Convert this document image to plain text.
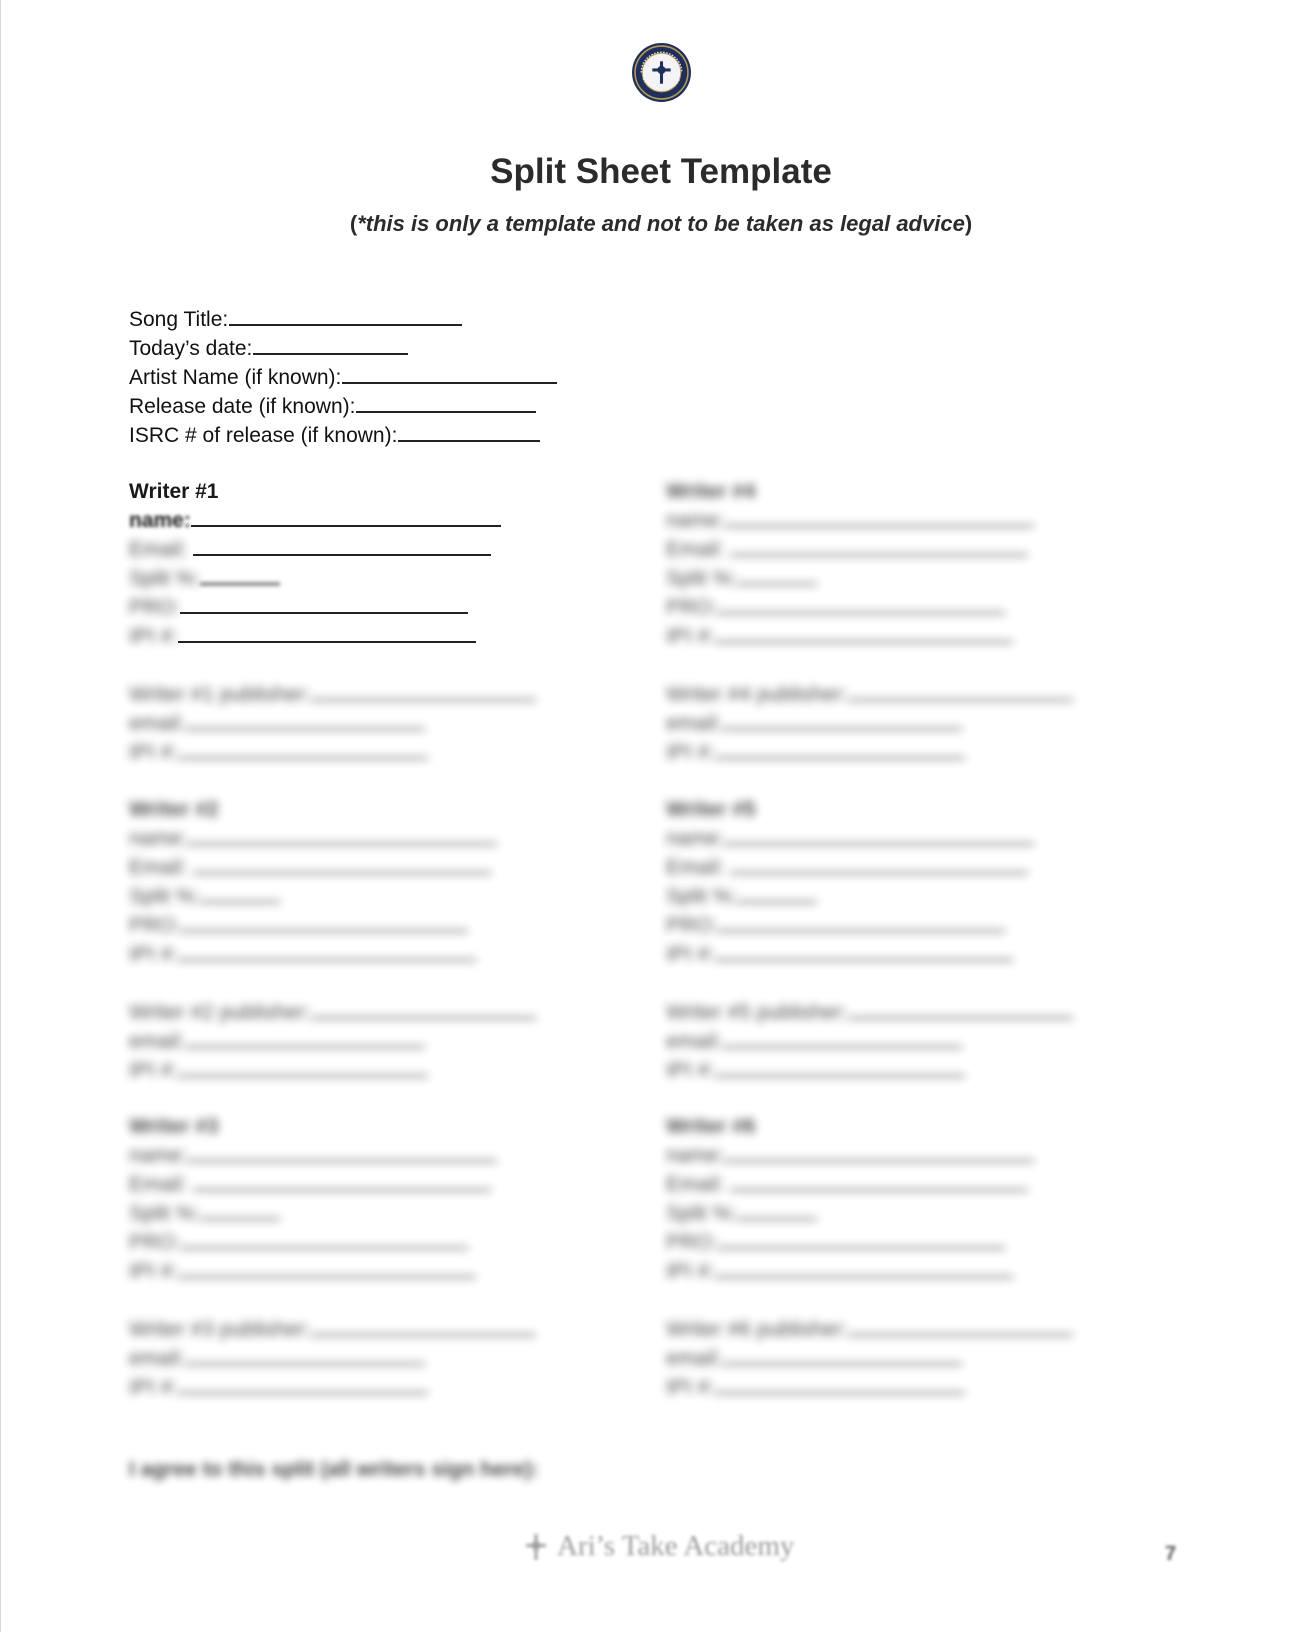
Split Sheet Template
(*this is only a template and not to be taken as legal advice)
Song Title:
Today’s date:
Artist Name (if known):
Release date (if known):
ISRC # of release (if known):
Writer #1
name:
Email:
Split %:
PRO:
IPI #:
Writer #1 publisher:
email:
IPI #:
Writer #2
name:
Email:
Split %:
PRO:
IPI #:
Writer #2 publisher:
email:
IPI #:
Writer #3
name:
Email:
Split %:
PRO:
IPI #:
Writer #3 publisher:
email:
IPI #:
Writer #4
name:
Email:
Split %:
PRO:
IPI #:
Writer #4 publisher:
email:
IPI #:
Writer #5
name:
Email:
Split %:
PRO:
IPI #:
Writer #5 publisher:
email:
IPI #:
Writer #6
name:
Email:
Split %:
PRO:
IPI #:
Writer #6 publisher:
email:
IPI #:
I agree to this split (all writers sign here):
Ari’s Take Academy	7
